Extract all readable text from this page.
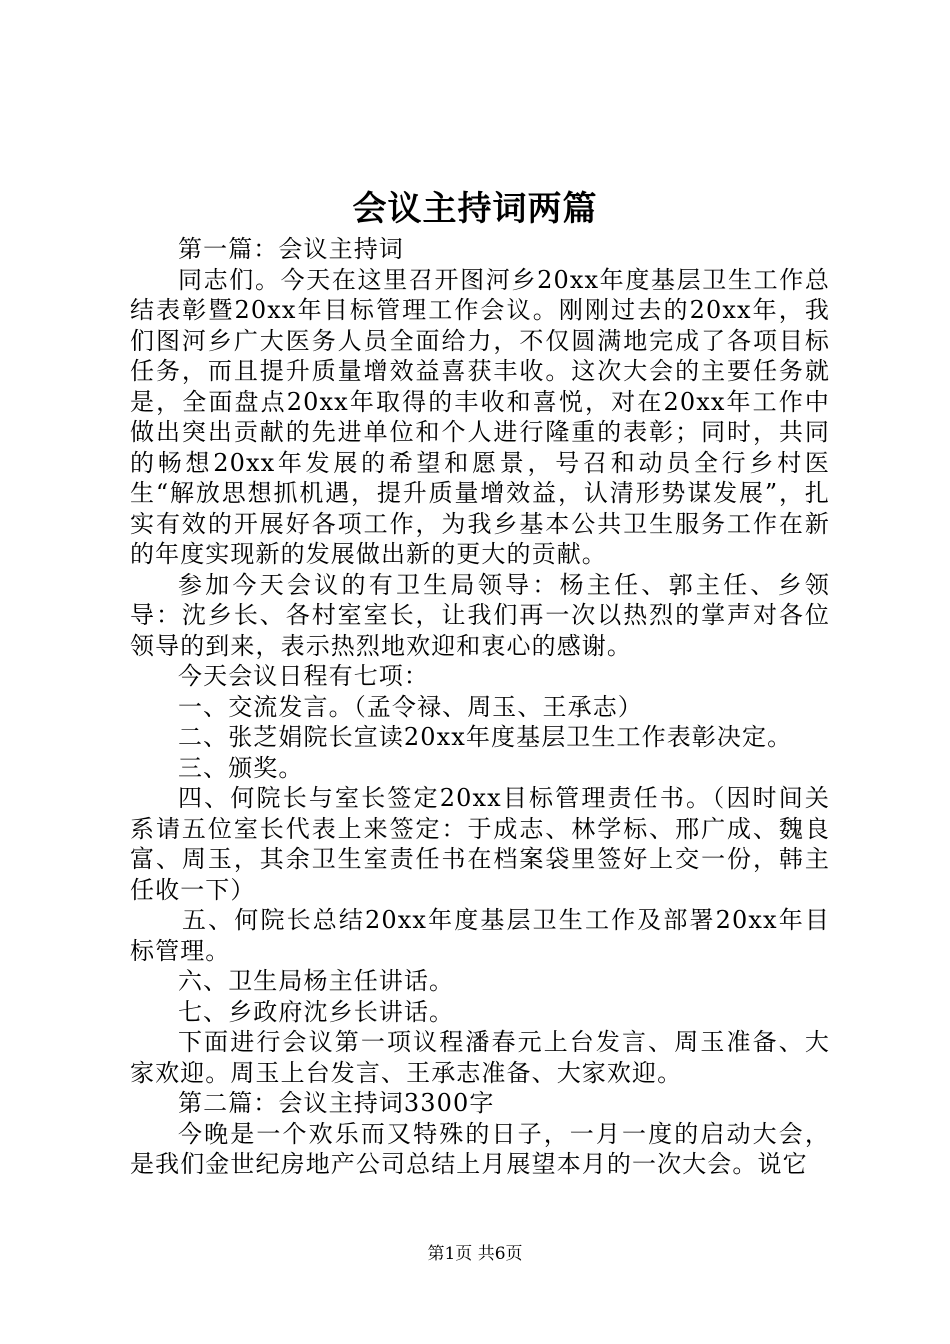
会议主持词两篇

第一篇：会议主持词

同志们。今天在这里召开图河乡20xx年度基层卫生工作总结表彰暨20xx年目标管理工作会议。刚刚过去的20xx年，我们图河乡广大医务人员全面给力，不仅圆满地完成了各项目标任务，而且提升质量增效益喜获丰收。这次大会的主要任务就是，全面盘点20xx年取得的丰收和喜悦，对在20xx年工作中做出突出贡献的先进单位和个人进行隆重的表彰；同时，共同的畅想20xx年发展的希望和愿景，号召和动员全行乡村医生“解放思想抓机遇，提升质量增效益，认清形势谋发展”，扎实有效的开展好各项工作，为我乡基本公共卫生服务工作在新的年度实现新的发展做出新的更大的贡献。

参加今天会议的有卫生局领导：杨主任、郭主任、乡领导：沈乡长、各村室室长，让我们再一次以热烈的掌声对各位领导的到来，表示热烈地欢迎和衷心的感谢。

今天会议日程有七项：

一、交流发言。（孟令禄、周玉、王承志）

二、张芝娟院长宣读20xx年度基层卫生工作表彰决定。

三、颁奖。

四、何院长与室长签定20xx目标管理责任书。（因时间关系请五位室长代表上来签定：于成志、林学标、邢广成、魏良富、周玉，其余卫生室责任书在档案袋里签好上交一份，韩主任收一下）

五、何院长总结20xx年度基层卫生工作及部署20xx年目标管理。

六、卫生局杨主任讲话。

七、乡政府沈乡长讲话。

下面进行会议第一项议程潘春元上台发言、周玉准备、大家欢迎。周玉上台发言、王承志准备、大家欢迎。

第二篇：会议主持词3300字

今晚是一个欢乐而又特殊的日子，一月一度的启动大会，是我们金世纪房地产公司总结上月展望本月的一次大会。说它

第1页 共6页
